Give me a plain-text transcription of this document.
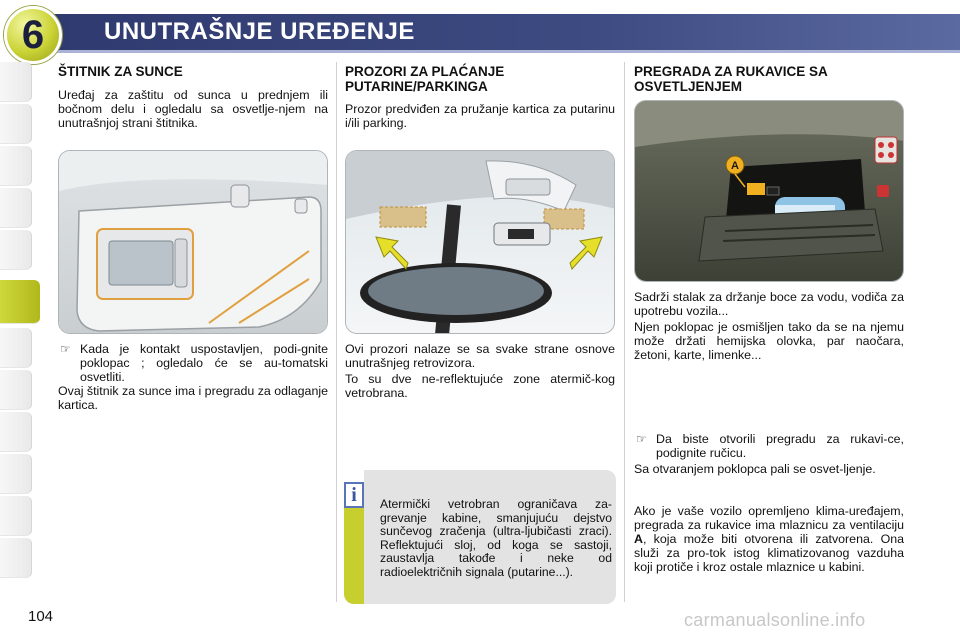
6 UNUTRAŠNJE UREĐENJE
ŠTITNIK ZA SUNCE

Uređaj za zaštitu od sunca u prednjem ili bočnom delu i ogledalu sa osvetlje-njem na unutrašnjoj strani štitnika.

☞ Kada je kontakt uspostavljen, podi-gnite poklopac ; ogledalo će se au-tomatski osvetliti.

Ovaj štitnik za sunce ima i pregradu za odlaganje kartica.

PROZORI ZA PLAĆANJE PUTARINE/PARKINGA

Prozor predviđen za pružanje kartica za putarinu i/ili parking.

Ovi prozori nalaze se sa svake strane osnove unutrašnjeg retrovizora.

To su dve ne-reflektujuće zone atermič-kog vetrobrana.

i	Atermički vetrobran ograničava za-grevanje kabine, smanjujuću dejstvo sunčevog zračenja (ultra-ljubičasti zraci). Reflektujući sloj, od koga se sastoji, zaustavlja takođe i neke od radioelektričnih signala (putarine...).

PREGRADA ZA RUKAVICE SA OSVETLJENJEM
A

Sadrži stalak za držanje boce za vodu, vodiča za upotrebu vozila...

Njen poklopac je osmišljen tako da se na njemu može držati hemijska olovka, par naočara, žetoni, karte, limenke...

☞ Da biste otvorili pregradu za rukavi-ce, podignite ručicu.

Sa otvaranjem poklopca pali se osvet-ljenje.

Ako je vaše vozilo opremljeno klima-uređajem, pregrada za rukavice ima mlaznicu za ventilaciju A, koja može biti otvorena ili zatvorena. Ona služi za pro-tok istog klimatizovanog vazduha koji protiče i kroz ostale mlaznice u kabini.

104	carmanualsonline.info
